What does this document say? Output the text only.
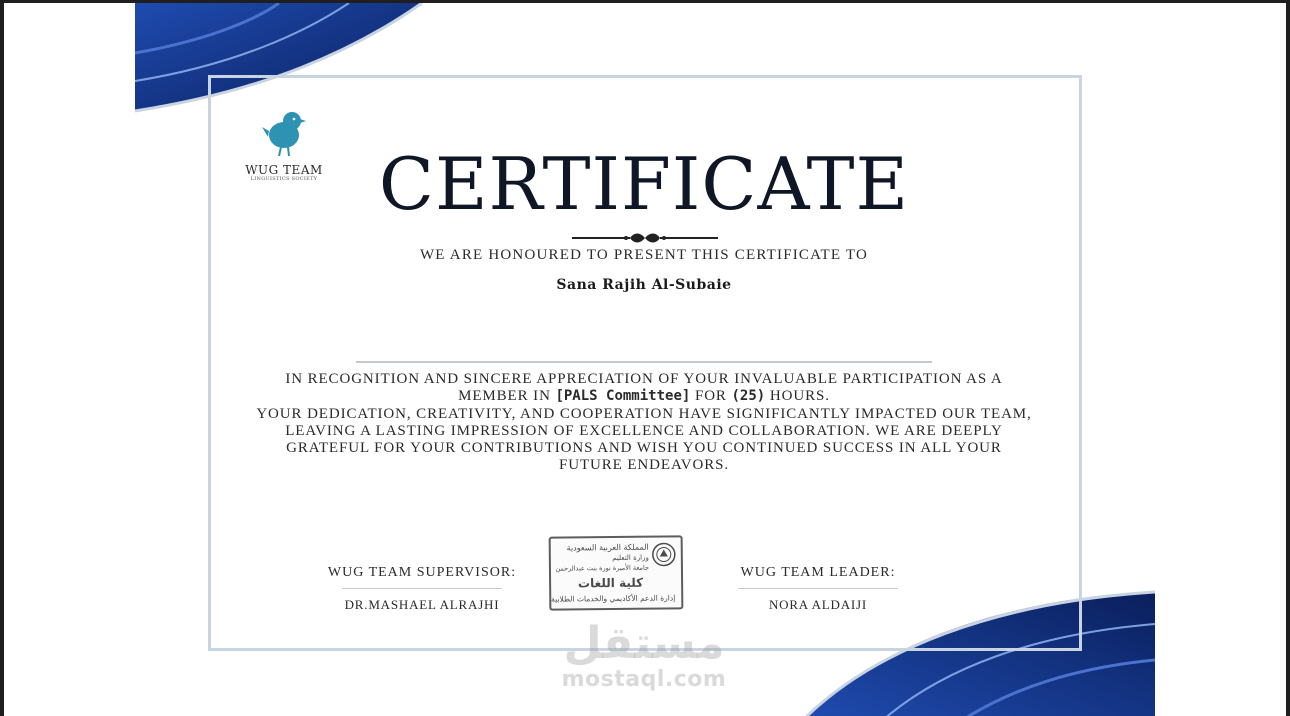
WUG TEAM
LINGUISTICS SOCIETY CERTIFICATE
WE ARE HONOURED TO PRESENT THIS CERTIFICATE TO
Sana Rajih Al-Subaie

IN RECOGNITION AND SINCERE APPRECIATION OF YOUR INVALUABLE PARTICIPATION AS A

MEMBER IN [PALS Committee] FOR (25) HOURS.

YOUR DEDICATION, CREATIVITY, AND COOPERATION HAVE SIGNIFICANTLY IMPACTED OUR TEAM,

LEAVING A LASTING IMPRESSION OF EXCELLENCE AND COLLABORATION. WE ARE DEEPLY

GRATEFUL FOR YOUR CONTRIBUTIONS AND WISH YOU CONTINUED SUCCESS IN ALL YOUR

FUTURE ENDEAVORS.

WUG TEAM SUPERVISOR:
DR.MASHAEL ALRAJHI
WUG TEAM LEADER:
NORA ALDAIJI
المملكة العربية السعودية
وزارة التعليم
جامعة الأميرة نورة بنت عبدالرحمن
كلية اللغات
إدارة الدعم الأكاديمي والخدمات الطلابية
مستقل
mostaql.com
